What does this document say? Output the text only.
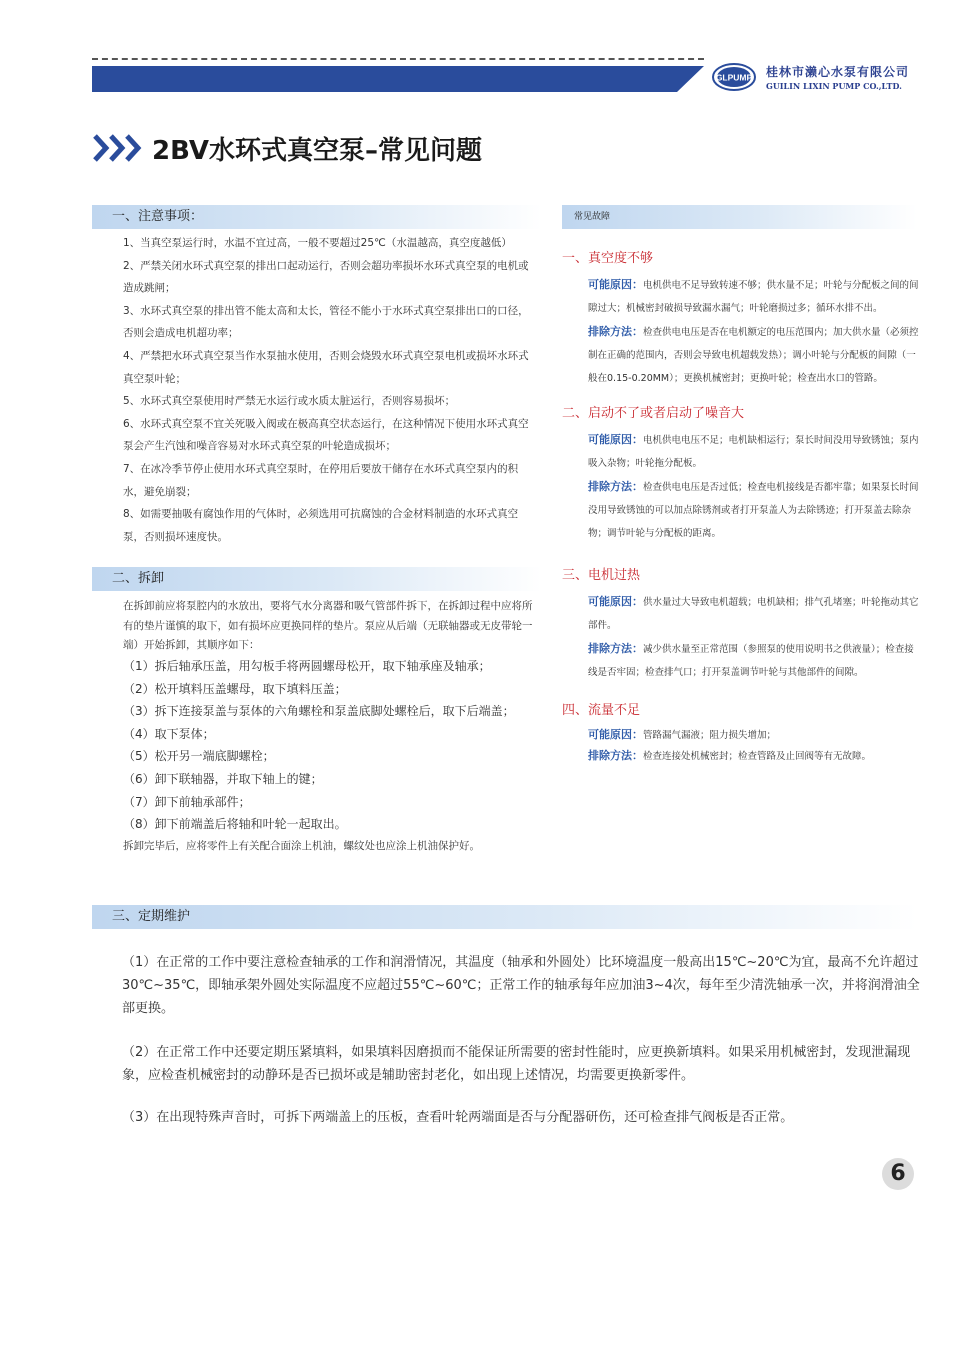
GLPUMP 桂林市濑心水泵有限公司
GUILIN LIXIN PUMP CO.,LTD.
2BV水环式真空泵–常见问题
一、注意事项：

1、当真空泵运行时，水温不宜过高，一般不要超过25℃（水温越高，真空度越低）

2、严禁关闭水环式真空泵的排出口起动运行，否则会超功率损坏水环式真空泵的电机或造成跳闸；

3、水环式真空泵的排出管不能太高和太长，管径不能小于水环式真空泵排出口的口径，否则会造成电机超功率；

4、严禁把水环式真空泵当作水泵抽水使用，否则会烧毁水环式真空泵电机或损坏水环式真空泵叶轮；

5、水环式真空泵使用时严禁无水运行或水质太脏运行，否则容易损坏；

6、水环式真空泵不宜关死吸入阀或在极高真空状态运行，在这种情况下使用水环式真空泵会产生汽蚀和噪音容易对水环式真空泵的叶轮造成损坏；

7、在冰冷季节停止使用水环式真空泵时，在停用后要放干储存在水环式真空泵内的积水，避免崩裂；

8、如需要抽吸有腐蚀作用的气体时，必须选用可抗腐蚀的合金材料制造的水环式真空泵，否则损坏速度快。

二、拆卸

在拆卸前应将泵腔内的水放出，要将气水分离器和吸气管部件拆下，在拆卸过程中应将所有的垫片谨慎的取下，如有损坏应更换同样的垫片。泵应从后端（无联轴器或无皮带轮一端）开始拆卸，其顺序如下：

（1）拆后轴承压盖，用勾板手将两圆螺母松开，取下轴承座及轴承；

（2）松开填料压盖螺母，取下填料压盖；

（3）拆下连接泵盖与泵体的六角螺栓和泵盖底脚处螺栓后，取下后端盖；

（4）取下泵体；

（5）松开另一端底脚螺栓；

（6）卸下联轴器，并取下轴上的键；

（7）卸下前轴承部件；

（8）卸下前端盖后将轴和叶轮一起取出。

拆卸完毕后，应将零件上有关配合面涂上机油，螺纹处也应涂上机油保护好。
常见故障
一、真空度不够

可能原因：电机供电不足导致转速不够；供水量不足；叶轮与分配板之间的间隙过大；机械密封破损导致漏水漏气；叶轮磨损过多；循环水排不出。

排除方法：检查供电电压是否在电机额定的电压范围内；加大供水量（必须控制在正确的范围内，否则会导致电机超载发热）；调小叶轮与分配板的间隙（一般在0.15-0.20MM）；更换机械密封；更换叶轮；检查出水口的管路。

二、启动不了或者启动了噪音大

可能原因：电机供电电压不足；电机缺相运行；泵长时间没用导致锈蚀；泵内吸入杂物；叶轮拖分配板。

排除方法：检查供电电压是否过低；检查电机接线是否都牢靠；如果泵长时间没用导致锈蚀的可以加点除锈剂或者打开泵盖人为去除锈迹；打开泵盖去除杂物；调节叶轮与分配板的距离。

三、电机过热

可能原因：供水量过大导致电机超载；电机缺相；排气孔堵塞；叶轮拖动其它部件。

排除方法：减少供水量至正常范围（参照泵的使用说明书之供液量）；检查接线是否牢固；检查排气口；打开泵盖调节叶轮与其他部件的间隙。

四、流量不足

可能原因：管路漏气漏液；阻力损失增加；

排除方法：检查连接处机械密封；检查管路及止回阀等有无故障。

三、定期维护

（1）在正常的工作中要注意检查轴承的工作和润滑情况，其温度（轴承和外圆处）比环境温度一般高出15℃~20℃为宜，最高不允许超过30℃~35℃，即轴承架外圆处实际温度不应超过55℃~60℃；正常工作的轴承每年应加油3~4次，每年至少清洗轴承一次，并将润滑油全部更换。

（2）在正常工作中还要定期压紧填料，如果填料因磨损而不能保证所需要的密封性能时，应更换新填料。如果采用机械密封，发现泄漏现象，应检查机械密封的动静环是否已损坏或是辅助密封老化，如出现上述情况，均需要更换新零件。

（3）在出现特殊声音时，可拆下两端盖上的压板，查看叶轮两端面是否与分配器研伤，还可检查排气阀板是否正常。

6
